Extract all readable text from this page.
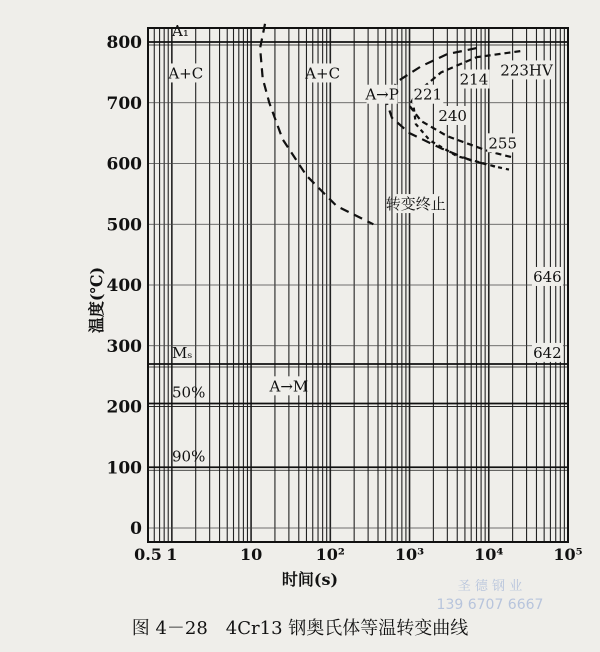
A₁
Mₛ
50%
90%
0
100
200
300
400
500
600
700
800
0.5 1	10	10²	10³	10⁴	10⁵
A+C	A+C
A→P 221
214
223HV
240
255
转变终止
646
642
A→M
时间(s)
温度(℃)
图 4－28　4Cr13 钢奥氏体等温转变曲线
圣 德 钢 业
139 6707 6667
